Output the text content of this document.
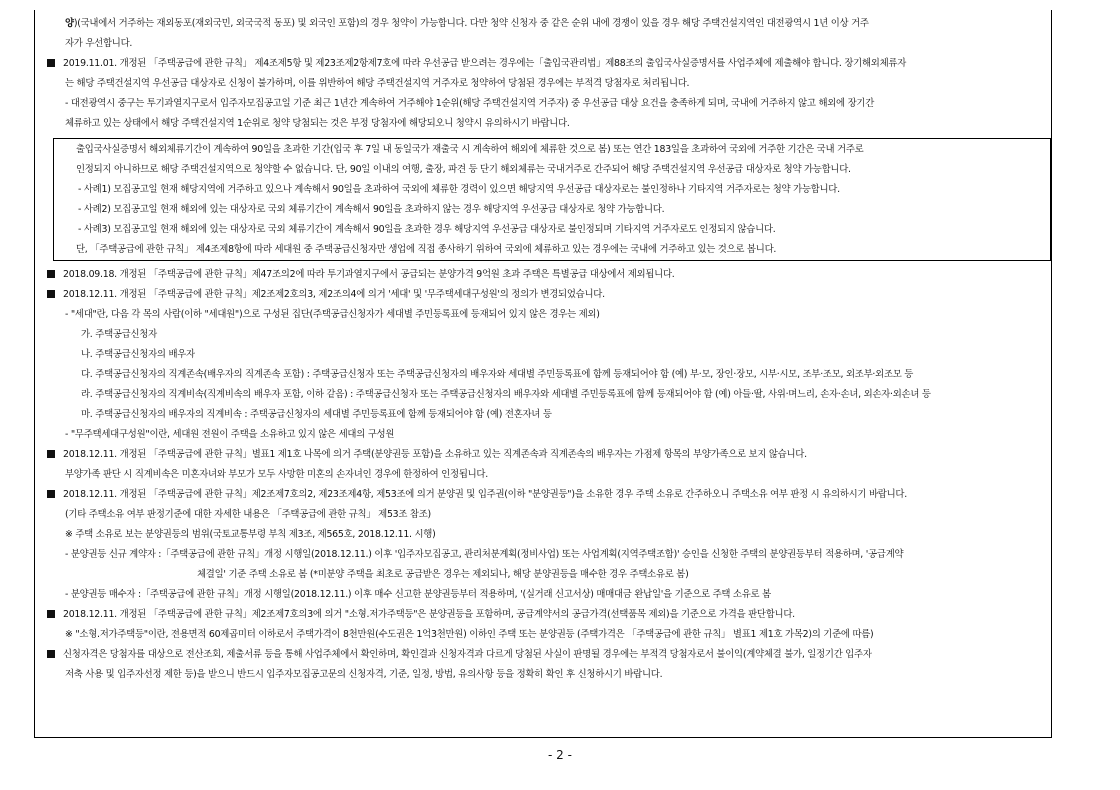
양)(국내에서 거주하는 재외동포(재외국민, 외국국적 동포) 및 외국인 포함)의 경우 청약이 가능합니다. 다만 청약 신청자 중 같은 순위 내에 경쟁이 있을 경우 해당 주택건설지역인 대전광역시 1년 이상 거주
자가 우선합니다.
2019.11.01. 개정된 「주택공급에 관한 규칙」 제4조제5항 및 제23조제2항제7호에 따라 우선공급 받으려는 경우에는「출입국관리법」제88조의 출입국사실증명서를 사업주체에 제출해야 합니다. 장기해외체류자
는 해당 주택건설지역 우선공급 대상자로 신청이 불가하며, 이를 위반하여 해당 주택건설지역 거주자로 청약하여 당첨된 경우에는 부적격 당첨자로 처리됩니다.
- 대전광역시 중구는 투기과열지구로서 입주자모집공고일 기준 최근 1년간 계속하여 거주해야 1순위(해당 주택건설지역 거주자) 중 우선공급 대상 요건을 충족하게 되며, 국내에 거주하지 않고 해외에 장기간
체류하고 있는 상태에서 해당 주택건설지역 1순위로 청약 당첨되는 것은 부정 당첨자에 해당되오니 청약시 유의하시기 바랍니다.
출입국사실증명서 해외체류기간이 계속하여 90일을 초과한 기간(입국 후 7일 내 동일국가 재출국 시 계속하여 해외에 체류한 것으로 봄) 또는 연간 183일을 초과하여 국외에 거주한 기간은 국내 거주로
인정되지 아니하므로 해당 주택건설지역으로 청약할 수 없습니다. 단, 90일 이내의 여행, 출장, 파견 등 단기 해외체류는 국내거주로 간주되어 해당 주택건설지역 우선공급 대상자로 청약 가능합니다.
- 사례1) 모집공고일 현재 해당지역에 거주하고 있으나 계속해서 90일을 초과하여 국외에 체류한 경력이 있으면 해당지역 우선공급 대상자로는 불인정하나 기타지역 거주자로는 청약 가능합니다.
- 사례2) 모집공고일 현재 해외에 있는 대상자로 국외 체류기간이 계속해서 90일을 초과하지 않는 경우 해당지역 우선공급 대상자로 청약 가능합니다.
- 사례3) 모집공고일 현재 해외에 있는 대상자로 국외 체류기간이 계속해서 90일을 초과한 경우 해당지역 우선공급 대상자로 불인정되며 기타지역 거주자로도 인정되지 않습니다.
단, 「주택공급에 관한 규칙」 제4조제8항에 따라 세대원 중 주택공급신청자만 생업에 직접 종사하기 위하여 국외에 체류하고 있는 경우에는 국내에 거주하고 있는 것으로 봅니다.
2018.09.18. 개정된 「주택공급에 관한 규칙」제47조의2에 따라 투기과열지구에서 공급되는 분양가격 9억원 초과 주택은 특별공급 대상에서 제외됩니다.
2018.12.11. 개정된 「주택공급에 관한 규칙」제2조제2호의3, 제2조의4에 의거 '세대' 및 '무주택세대구성원'의 정의가 변경되었습니다.
- "세대"란, 다음 각 목의 사람(이하 "세대원")으로 구성된 집단(주택공급신청자가 세대별 주민등록표에 등재되어 있지 않은 경우는 제외)
가. 주택공급신청자
나. 주택공급신청자의 배우자
다. 주택공급신청자의 직계존속(배우자의 직계존속 포함) : 주택공급신청자 또는 주택공급신청자의 배우자와 세대별 주민등록표에 함께 등재되어야 함 (예) 부·모, 장인·장모, 시부·시모, 조부·조모, 외조부·외조모 등
라. 주택공급신청자의 직계비속(직계비속의 배우자 포함, 이하 같음) : 주택공급신청자 또는 주택공급신청자의 배우자와 세대별 주민등록표에 함께 등재되어야 함 (예) 아들·딸, 사위·며느리, 손자·손녀, 외손자·외손녀 등
마. 주택공급신청자의 배우자의 직계비속 : 주택공급신청자의 세대별 주민등록표에 함께 등재되어야 함 (예) 전혼자녀 등
- "무주택세대구성원"이란, 세대원 전원이 주택을 소유하고 있지 않은 세대의 구성원
2018.12.11. 개정된 「주택공급에 관한 규칙」별표1 제1호 나목에 의거 주택(분양권등 포함)을 소유하고 있는 직계존속과 직계존속의 배우자는 가점제 항목의 부양가족으로 보지 않습니다.
부양가족 판단 시 직계비속은 미혼자녀와 부모가 모두 사망한 미혼의 손자녀인 경우에 한정하여 인정됩니다.
2018.12.11. 개정된 「주택공급에 관한 규칙」제2조제7호의2, 제23조제4항, 제53조에 의거 분양권 및 입주권(이하 "분양권등")을 소유한 경우 주택 소유로 간주하오니 주택소유 여부 판정 시 유의하시기 바랍니다.
(기타 주택소유 여부 판정기준에 대한 자세한 내용은 「주택공급에 관한 규칙」 제53조 참조)
※ 주택 소유로 보는 분양권등의 범위(국토교통부령 부칙 제3조, 제565호, 2018.12.11. 시행)
- 분양권등 신규 계약자 :「주택공급에 관한 규칙」개정 시행일(2018.12.11.) 이후 '입주자모집공고, 관리처분계획(정비사업) 또는 사업계획(지역주택조합)' 승인을 신청한 주택의 분양권등부터 적용하며, '공급계약
체결일' 기준 주택 소유로 봄 (*미분양 주택을 최초로 공급받은 경우는 제외되나, 해당 분양권등을 매수한 경우 주택소유로 봄)
- 분양권등 매수자 :「주택공급에 관한 규칙」개정 시행일(2018.12.11.) 이후 매수 신고한 분양권등부터 적용하며, '(실거래 신고서상) 매매대금 완납일'을 기준으로 주택 소유로 봄
2018.12.11. 개정된 「주택공급에 관한 규칙」제2조제7호의3에 의거 "소형.저가주택등"은 분양권등을 포함하며, 공급계약서의 공급가격(선택품목 제외)을 기준으로 가격을 판단합니다.
※ "소형.저가주택등"이란, 전용면적 60제곱미터 이하로서 주택가격이 8천만원(수도권은 1억3천만원) 이하인 주택 또는 분양권등 (주택가격은 「주택공급에 관한 규칙」 별표1 제1호 가목2)의 기준에 따름)
신청자격은 당첨자를 대상으로 전산조회, 제출서류 등을 통해 사업주체에서 확인하며, 확인결과 신청자격과 다르게 당첨된 사실이 판명될 경우에는 부적격 당첨자로서 불이익(계약체결 불가, 일정기간 입주자
저축 사용 및 입주자선정 제한 등)을 받으니 반드시 입주자모집공고문의 신청자격, 기준, 일정, 방법, 유의사항 등을 정확히 확인 후 신청하시기 바랍니다.
- 2 -
